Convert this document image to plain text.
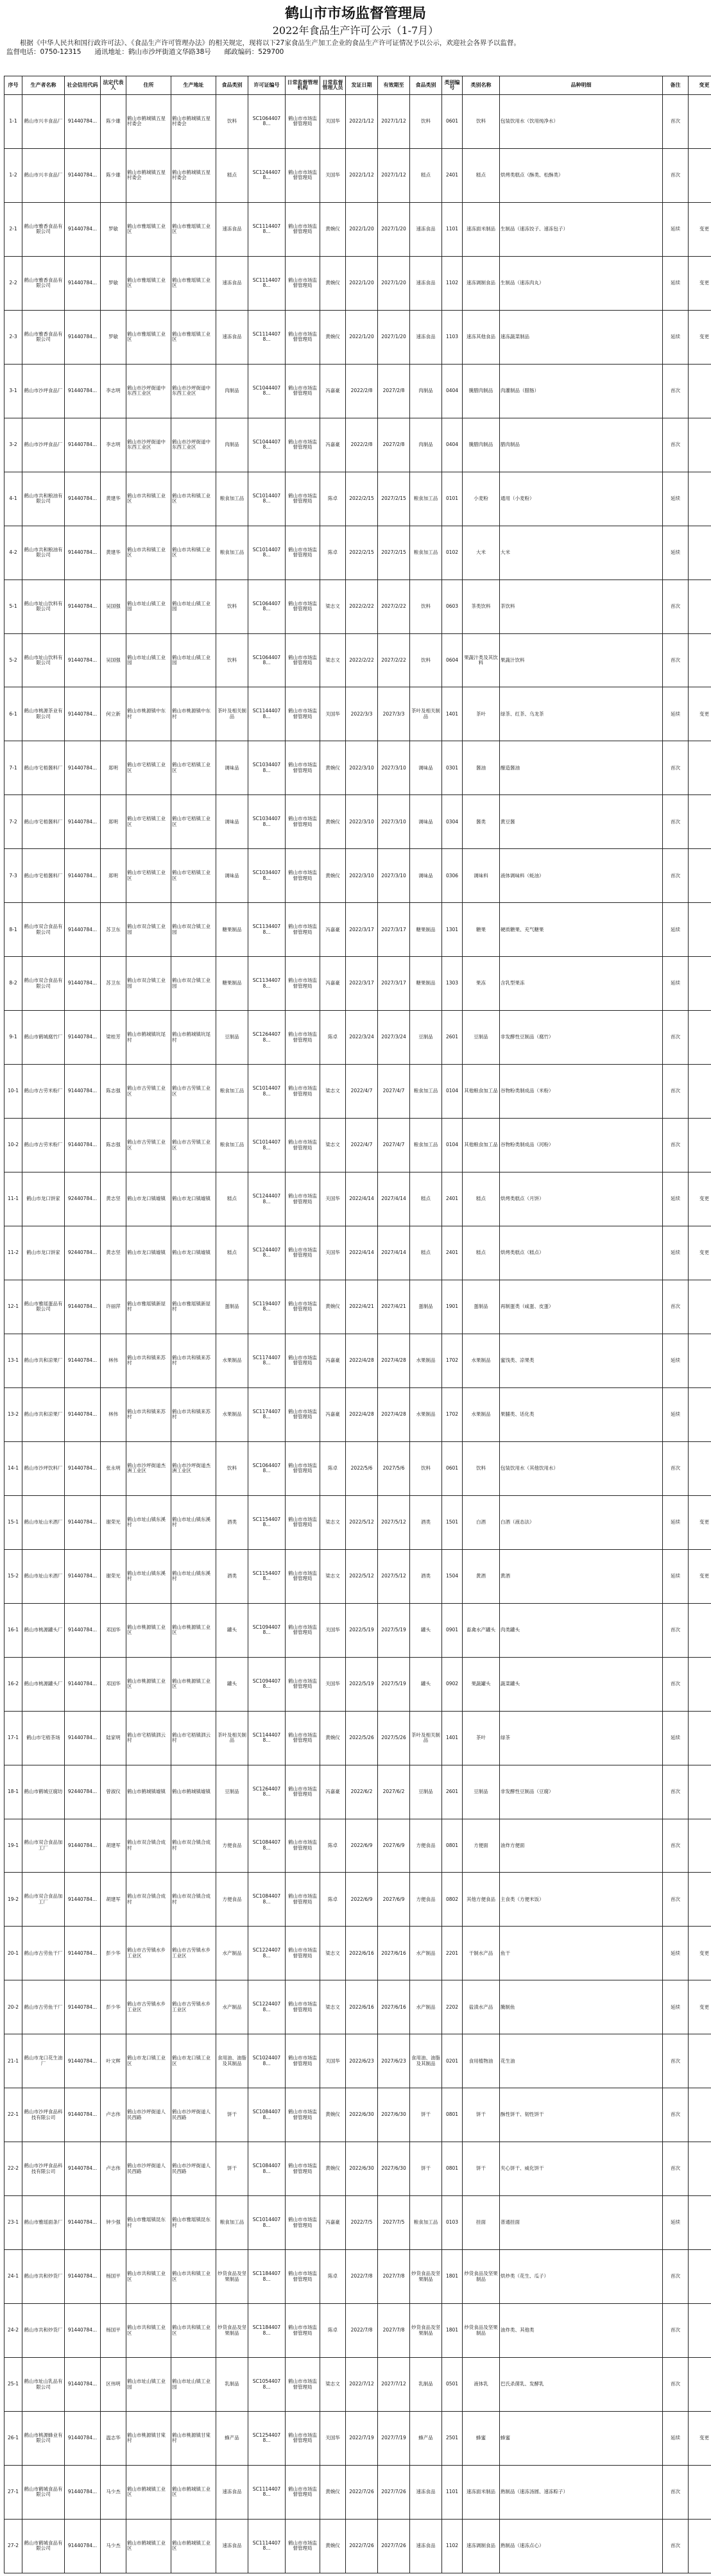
鹤山市市场监督管理局
2022年食品生产许可公示（1-7月）
根据《中华人民共和国行政许可法》、《食品生产许可管理办法》的相关规定，现将以下27家食品生产加工企业的食品生产许可证情况予以公示，欢迎社会各界予以监督。
监督电话：0750-12315　　通讯地址：鹤山市沙坪街道文华路38号　　邮政编码：529700
序号	生产者名称	社会信用代码	法定代表人	住所	生产地址	食品类别	许可证编号	日常监督管理机构	日常监督管理人员	发证日期	有效期至	食品类别	类别编号	类别名称	品种明细	备注	变更
1-1	鹤山市兴丰食品厂	91440784...	陈少雄	鹤山市鹤城镇五星村委会	鹤山市鹤城镇五星村委会	饮料	SC10644078...	鹤山市市场监督管理局	关国华	2022/1/12	2027/1/12	饮料	0601	饮料	包装饮用水（饮用纯净水）	首次	
1-2	鹤山市兴丰食品厂	91440784...	陈少雄	鹤山市鹤城镇五星村委会	鹤山市鹤城镇五星村委会	糕点	SC12444078...	鹤山市市场监督管理局	关国华	2022/1/12	2027/1/12	糕点	2401	糕点	烘烤类糕点（酥类、松酥类）	首次	
2-1	鹤山市雅香食品有限公司	91440784...	罗敏	鹤山市雅瑶镇工业区	鹤山市雅瑶镇工业区	速冻食品	SC11144078...	鹤山市市场监督管理局	黄婉仪	2022/1/20	2027/1/20	速冻食品	1101	速冻面米制品	生制品（速冻饺子、速冻包子）	延续	变更
2-2	鹤山市雅香食品有限公司	91440784...	罗敏	鹤山市雅瑶镇工业区	鹤山市雅瑶镇工业区	速冻食品	SC11144078...	鹤山市市场监督管理局	黄婉仪	2022/1/20	2027/1/20	速冻食品	1102	速冻调制食品	生制品（速冻肉丸）	延续	变更
2-3	鹤山市雅香食品有限公司	91440784...	罗敏	鹤山市雅瑶镇工业区	鹤山市雅瑶镇工业区	速冻食品	SC11144078...	鹤山市市场监督管理局	黄婉仪	2022/1/20	2027/1/20	速冻食品	1103	速冻其他食品	速冻蔬菜制品	延续	变更
3-1	鹤山市沙坪食品厂	91440784...	李志明	鹤山市沙坪街道中东西工业区	鹤山市沙坪街道中东西工业区	肉制品	SC10444078...	鹤山市市场监督管理局	冯嘉豪	2022/2/8	2027/2/8	肉制品	0404	腌腊肉制品	肉灌制品（腊肠）	首次	
3-2	鹤山市沙坪食品厂	91440784...	李志明	鹤山市沙坪街道中东西工业区	鹤山市沙坪街道中东西工业区	肉制品	SC10444078...	鹤山市市场监督管理局	冯嘉豪	2022/2/8	2027/2/8	肉制品	0404	腌腊肉制品	腊肉制品	首次	
4-1	鹤山市共和粮油有限公司	91440784...	黄建华	鹤山市共和镇工业区	鹤山市共和镇工业区	粮食加工品	SC10144078...	鹤山市市场监督管理局	陈卓	2022/2/15	2027/2/15	粮食加工品	0101	小麦粉	通用（小麦粉）	延续	
4-2	鹤山市共和粮油有限公司	91440784...	黄建华	鹤山市共和镇工业区	鹤山市共和镇工业区	粮食加工品	SC10144078...	鹤山市市场监督管理局	陈卓	2022/2/15	2027/2/15	粮食加工品	0102	大米	大米	延续	
5-1	鹤山市址山饮料有限公司	91440784...	吴国强	鹤山市址山镇工业园	鹤山市址山镇工业园	饮料	SC10644078...	鹤山市市场监督管理局	梁志文	2022/2/22	2027/2/22	饮料	0603	茶类饮料	茶饮料	首次	
5-2	鹤山市址山饮料有限公司	91440784...	吴国强	鹤山市址山镇工业园	鹤山市址山镇工业园	饮料	SC10644078...	鹤山市市场监督管理局	梁志文	2022/2/22	2027/2/22	饮料	0604	果蔬汁类及其饮料	果蔬汁饮料	首次	
6-1	鹤山市桃源茶业有限公司	91440784...	何立新	鹤山市桃源镇中东村	鹤山市桃源镇中东村	茶叶及相关制品	SC11444078...	鹤山市市场监督管理局	关国华	2022/3/3	2027/3/3	茶叶及相关制品	1401	茶叶	绿茶、红茶、乌龙茶	延续	变更
7-1	鹤山市宅梧酱料厂	91440784...	郑明	鹤山市宅梧镇工业区	鹤山市宅梧镇工业区	调味品	SC10344078...	鹤山市市场监督管理局	黄婉仪	2022/3/10	2027/3/10	调味品	0301	酱油	酿造酱油	首次	
7-2	鹤山市宅梧酱料厂	91440784...	郑明	鹤山市宅梧镇工业区	鹤山市宅梧镇工业区	调味品	SC10344078...	鹤山市市场监督管理局	黄婉仪	2022/3/10	2027/3/10	调味品	0304	酱类	黄豆酱	首次	
7-3	鹤山市宅梧酱料厂	91440784...	郑明	鹤山市宅梧镇工业区	鹤山市宅梧镇工业区	调味品	SC10344078...	鹤山市市场监督管理局	黄婉仪	2022/3/10	2027/3/10	调味品	0306	调味料	液体调味料（蚝油）	首次	
8-1	鹤山市双合食品有限公司	91440784...	苏卫东	鹤山市双合镇工业园	鹤山市双合镇工业园	糖果制品	SC11344078...	鹤山市市场监督管理局	冯嘉豪	2022/3/17	2027/3/17	糖果制品	1301	糖果	硬质糖果、充气糖果	延续	
8-2	鹤山市双合食品有限公司	91440784...	苏卫东	鹤山市双合镇工业园	鹤山市双合镇工业园	糖果制品	SC11344078...	鹤山市市场监督管理局	冯嘉豪	2022/3/17	2027/3/17	糖果制品	1303	果冻	含乳型果冻	延续	
9-1	鹤山市鹤城腐竹厂	91440784...	梁桂芳	鹤山市鹤城镇坑尾村	鹤山市鹤城镇坑尾村	豆制品	SC12644078...	鹤山市市场监督管理局	陈卓	2022/3/24	2027/3/24	豆制品	2601	豆制品	非发酵性豆制品（腐竹）	首次	
10-1	鹤山市古劳米粉厂	91440784...	陈志强	鹤山市古劳镇工业区	鹤山市古劳镇工业区	粮食加工品	SC10144078...	鹤山市市场监督管理局	梁志文	2022/4/7	2027/4/7	粮食加工品	0104	其他粮食加工品	谷物粉类制成品（米粉）	首次	
10-2	鹤山市古劳米粉厂	91440784...	陈志强	鹤山市古劳镇工业区	鹤山市古劳镇工业区	粮食加工品	SC10144078...	鹤山市市场监督管理局	梁志文	2022/4/7	2027/4/7	粮食加工品	0104	其他粮食加工品	谷物粉类制成品（河粉）	首次	
11-1	鹤山市龙口饼家	92440784...	黄志坚	鹤山市龙口镇墟镇	鹤山市龙口镇墟镇	糕点	SC12444078...	鹤山市市场监督管理局	关国华	2022/4/14	2027/4/14	糕点	2401	糕点	烘烤类糕点（月饼）	延续	变更
11-2	鹤山市龙口饼家	92440784...	黄志坚	鹤山市龙口镇墟镇	鹤山市龙口镇墟镇	糕点	SC12444078...	鹤山市市场监督管理局	关国华	2022/4/14	2027/4/14	糕点	2401	糕点	烘烤类糕点（糕点）	延续	变更
12-1	鹤山市雅瑶蛋品有限公司	91440784...	许丽萍	鹤山市雅瑶镇新屋村	鹤山市雅瑶镇新屋村	蛋制品	SC11944078...	鹤山市市场监督管理局	黄婉仪	2022/4/21	2027/4/21	蛋制品	1901	蛋制品	再制蛋类（咸蛋、皮蛋）	首次	
13-1	鹤山市共和凉果厂	91440784...	林伟	鹤山市共和镇来苏村	鹤山市共和镇来苏村	水果制品	SC11744078...	鹤山市市场监督管理局	冯嘉豪	2022/4/28	2027/4/28	水果制品	1702	水果制品	蜜饯类、凉果类	延续	
13-2	鹤山市共和凉果厂	91440784...	林伟	鹤山市共和镇来苏村	鹤山市共和镇来苏村	水果制品	SC11744078...	鹤山市市场监督管理局	冯嘉豪	2022/4/28	2027/4/28	水果制品	1702	水果制品	果脯类、话化类	延续	
14-1	鹤山市沙坪饮料厂	91440784...	张永明	鹤山市沙坪街道杰洲工业区	鹤山市沙坪街道杰洲工业区	饮料	SC10644078...	鹤山市市场监督管理局	陈卓	2022/5/6	2027/5/6	饮料	0601	饮料	包装饮用水（其他饮用水）	首次	
15-1	鹤山市址山米酒厂	91440784...	谢荣光	鹤山市址山镇东溪村	鹤山市址山镇东溪村	酒类	SC11544078...	鹤山市市场监督管理局	梁志文	2022/5/12	2027/5/12	酒类	1501	白酒	白酒（液态法）	延续	变更
15-2	鹤山市址山米酒厂	91440784...	谢荣光	鹤山市址山镇东溪村	鹤山市址山镇东溪村	酒类	SC11544078...	鹤山市市场监督管理局	梁志文	2022/5/12	2027/5/12	酒类	1504	黄酒	黄酒	延续	变更
16-1	鹤山市桃源罐头厂	91440784...	邓国华	鹤山市桃源镇工业区	鹤山市桃源镇工业区	罐头	SC10944078...	鹤山市市场监督管理局	关国华	2022/5/19	2027/5/19	罐头	0901	畜禽水产罐头	肉类罐头	首次	
16-2	鹤山市桃源罐头厂	91440784...	邓国华	鹤山市桃源镇工业区	鹤山市桃源镇工业区	罐头	SC10944078...	鹤山市市场监督管理局	关国华	2022/5/19	2027/5/19	罐头	0902	果蔬罐头	蔬菜罐头	首次	
17-1	鹤山市宅梧茶场	91440784...	陆家明	鹤山市宅梧镇泗云村	鹤山市宅梧镇泗云村	茶叶及相关制品	SC11444078...	鹤山市市场监督管理局	黄婉仪	2022/5/26	2027/5/26	茶叶及相关制品	1401	茶叶	绿茶	延续	
18-1	鹤山市鹤城豆腐坊	92440784...	曾淑仪	鹤山市鹤城镇墟镇	鹤山市鹤城镇墟镇	豆制品	SC12644078...	鹤山市市场监督管理局	冯嘉豪	2022/6/2	2027/6/2	豆制品	2601	豆制品	非发酵性豆制品（豆腐）	首次	
19-1	鹤山市双合食品加工厂	91440784...	胡建军	鹤山市双合镇合成村	鹤山市双合镇合成村	方便食品	SC10844078...	鹤山市市场监督管理局	陈卓	2022/6/9	2027/6/9	方便食品	0801	方便面	油炸方便面	首次	
19-2	鹤山市双合食品加工厂	91440784...	胡建军	鹤山市双合镇合成村	鹤山市双合镇合成村	方便食品	SC10844078...	鹤山市市场监督管理局	陈卓	2022/6/9	2027/6/9	方便食品	0802	其他方便食品	主食类（方便米饭）	首次	
20-1	鹤山市古劳鱼干厂	91440784...	彭少华	鹤山市古劳镇水乡工业区	鹤山市古劳镇水乡工业区	水产制品	SC12244078...	鹤山市市场监督管理局	梁志文	2022/6/16	2027/6/16	水产制品	2201	干制水产品	鱼干	延续	变更
20-2	鹤山市古劳鱼干厂	91440784...	彭少华	鹤山市古劳镇水乡工业区	鹤山市古劳镇水乡工业区	水产制品	SC12244078...	鹤山市市场监督管理局	梁志文	2022/6/16	2027/6/16	水产制品	2202	盐渍水产品	腌制鱼	延续	变更
21-1	鹤山市龙口花生油厂	91440784...	叶文辉	鹤山市龙口镇工业区	鹤山市龙口镇工业区	食用油、油脂及其制品	SC10244078...	鹤山市市场监督管理局	关国华	2022/6/23	2027/6/23	食用油、油脂及其制品	0201	食用植物油	花生油	首次	
22-1	鹤山市沙坪食品科技有限公司	91440784...	卢志伟	鹤山市沙坪街道人民西路	鹤山市沙坪街道人民西路	饼干	SC10844078...	鹤山市市场监督管理局	黄婉仪	2022/6/30	2027/6/30	饼干	0801	饼干	酥性饼干、韧性饼干	首次	
22-2	鹤山市沙坪食品科技有限公司	91440784...	卢志伟	鹤山市沙坪街道人民西路	鹤山市沙坪街道人民西路	饼干	SC10844078...	鹤山市市场监督管理局	黄婉仪	2022/6/30	2027/6/30	饼干	0801	饼干	夹心饼干、威化饼干	首次	
23-1	鹤山市雅瑶面条厂	91440784...	钟少强	鹤山市雅瑶镇昆东村	鹤山市雅瑶镇昆东村	粮食加工品	SC10144078...	鹤山市市场监督管理局	冯嘉豪	2022/7/5	2027/7/5	粮食加工品	0103	挂面	普通挂面	延续	
24-1	鹤山市共和炒货厂	91440784...	杨国平	鹤山市共和镇工业区	鹤山市共和镇工业区	炒货食品及坚果制品	SC11844078...	鹤山市市场监督管理局	陈卓	2022/7/8	2027/7/8	炒货食品及坚果制品	1801	炒货食品及坚果制品	烘炒类（花生、瓜子）	首次	
24-2	鹤山市共和炒货厂	91440784...	杨国平	鹤山市共和镇工业区	鹤山市共和镇工业区	炒货食品及坚果制品	SC11844078...	鹤山市市场监督管理局	陈卓	2022/7/8	2027/7/8	炒货食品及坚果制品	1801	炒货食品及坚果制品	油炸类、其他类	首次	
25-1	鹤山市址山乳品有限公司	91440784...	区伟明	鹤山市址山镇工业园	鹤山市址山镇工业园	乳制品	SC10544078...	鹤山市市场监督管理局	梁志文	2022/7/12	2027/7/12	乳制品	0501	液体乳	巴氏杀菌乳、发酵乳	首次	
26-1	鹤山市桃源蜂业有限公司	91440784...	温志华	鹤山市桃源镇甘棠村	鹤山市桃源镇甘棠村	蜂产品	SC12544078...	鹤山市市场监督管理局	关国华	2022/7/19	2027/7/19	蜂产品	2501	蜂蜜	蜂蜜	延续	变更
27-1	鹤山市鹤城食品有限公司	91440784...	马少杰	鹤山市鹤城镇工业区	鹤山市鹤城镇工业区	速冻食品	SC11144078...	鹤山市市场监督管理局	黄婉仪	2022/7/26	2027/7/26	速冻食品	1101	速冻面米制品	熟制品（速冻汤圆、速冻粽子）	首次	
27-2	鹤山市鹤城食品有限公司	91440784...	马少杰	鹤山市鹤城镇工业区	鹤山市鹤城镇工业区	速冻食品	SC11144078...	鹤山市市场监督管理局	黄婉仪	2022/7/26	2027/7/26	速冻食品	1102	速冻调制食品	熟制品（速冻点心）	首次	
